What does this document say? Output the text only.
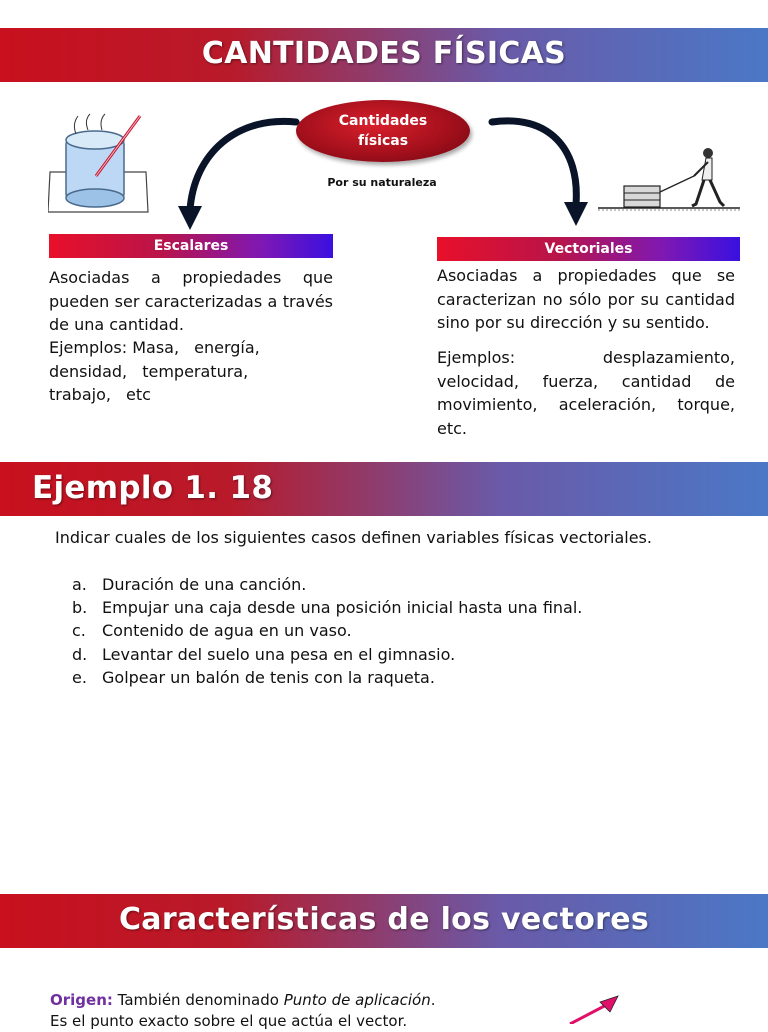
CANTIDADES FÍSICAS
Cantidades
físicas
Por su naturaleza
Escalares	Vectoriales
Asociadas a propiedades que pueden ser caracterizadas a través de una cantidad.
Ejemplos: Masa, energía, densidad, temperatura, trabajo, etc
Asociadas a propiedades que se caracterizan no sólo por su cantidad sino por su dirección y su sentido.
Ejemplos: desplazamiento, velocidad, fuerza, cantidad de movimiento, aceleración, torque, etc.
Ejemplo 1. 18
Indicar cuales de los siguientes casos definen variables físicas vectoriales.
a. Duración de una canción.
b. Empujar una caja desde una posición inicial hasta una final.
c. Contenido de agua en un vaso.
d. Levantar del suelo una pesa en el gimnasio.
e. Golpear un balón de tenis con la raqueta.
Características de los vectores
Origen: También denominado Punto de aplicación. Es el punto exacto sobre el que actúa el vector.
